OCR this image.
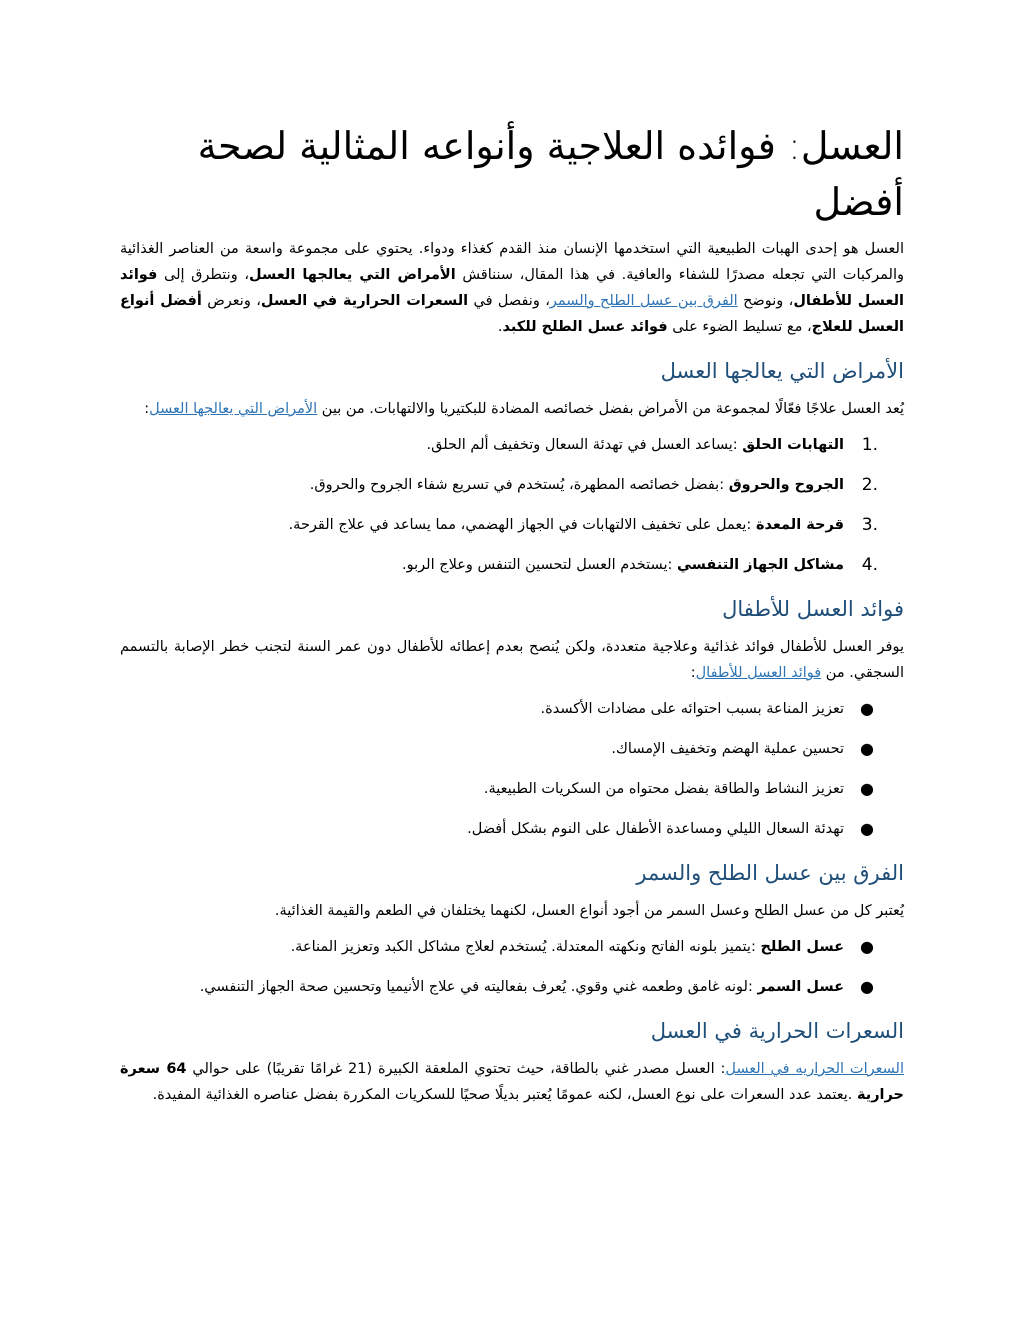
العسل: فوائده العلاجية وأنواعه المثالية لصحة أفضل

العسل هو إحدى الهبات الطبيعية التي استخدمها الإنسان منذ القدم كغذاء ودواء. يحتوي على مجموعة واسعة من العناصر الغذائية والمركبات التي تجعله مصدرًا للشفاء والعافية. في هذا المقال، سنناقش الأمراض التي يعالجها العسل، ونتطرق إلى فوائد العسل للأطفال، ونوضح الفرق بين عسل الطلح والسمر، ونفصل في السعرات الحرارية في العسل، ونعرض أفضل أنواع العسل للعلاج، مع تسليط الضوء على فوائد عسل الطلح للكبد.

الأمراض التي يعالجها العسل

يُعد العسل علاجًا فعّالًا لمجموعة من الأمراض بفضل خصائصه المضادة للبكتيريا والالتهابات. من بين الأمراض التي يعالجها العسل:

1.
التهابات الحلق :يساعد العسل في تهدئة السعال وتخفيف ألم الحلق.
2.
الجروح والحروق :بفضل خصائصه المطهرة، يُستخدم في تسريع شفاء الجروح والحروق.
3.
قرحة المعدة :يعمل على تخفيف الالتهابات في الجهاز الهضمي، مما يساعد في علاج القرحة.
4.
مشاكل الجهاز التنفسي :يستخدم العسل لتحسين التنفس وعلاج الربو.
فوائد العسل للأطفال

يوفر العسل للأطفال فوائد غذائية وعلاجية متعددة، ولكن يُنصح بعدم إعطائه للأطفال دون عمر السنة لتجنب خطر الإصابة بالتسمم السجقي. من فوائد العسل للأطفال:

●
تعزيز المناعة بسبب احتوائه على مضادات الأكسدة.
●
تحسين عملية الهضم وتخفيف الإمساك.
●
تعزيز النشاط والطاقة بفضل محتواه من السكريات الطبيعية.
●
تهدئة السعال الليلي ومساعدة الأطفال على النوم بشكل أفضل.
الفرق بين عسل الطلح والسمر

يُعتبر كل من عسل الطلح وعسل السمر من أجود أنواع العسل، لكنهما يختلفان في الطعم والقيمة الغذائية.

●
عسل الطلح :يتميز بلونه الفاتح ونكهته المعتدلة. يُستخدم لعلاج مشاكل الكبد وتعزيز المناعة.
●
عسل السمر :لونه غامق وطعمه غني وقوي. يُعرف بفعاليته في علاج الأنيميا وتحسين صحة الجهاز التنفسي.
السعرات الحرارية في العسل

السعرات الحراريه في العسل: العسل مصدر غني بالطاقة، حيث تحتوي الملعقة الكبيرة (21 غرامًا تقريبًا) على حوالي 64 سعرة حرارية .يعتمد عدد السعرات على نوع العسل، لكنه عمومًا يُعتبر بديلًا صحيًا للسكريات المكررة بفضل عناصره الغذائية المفيدة.
